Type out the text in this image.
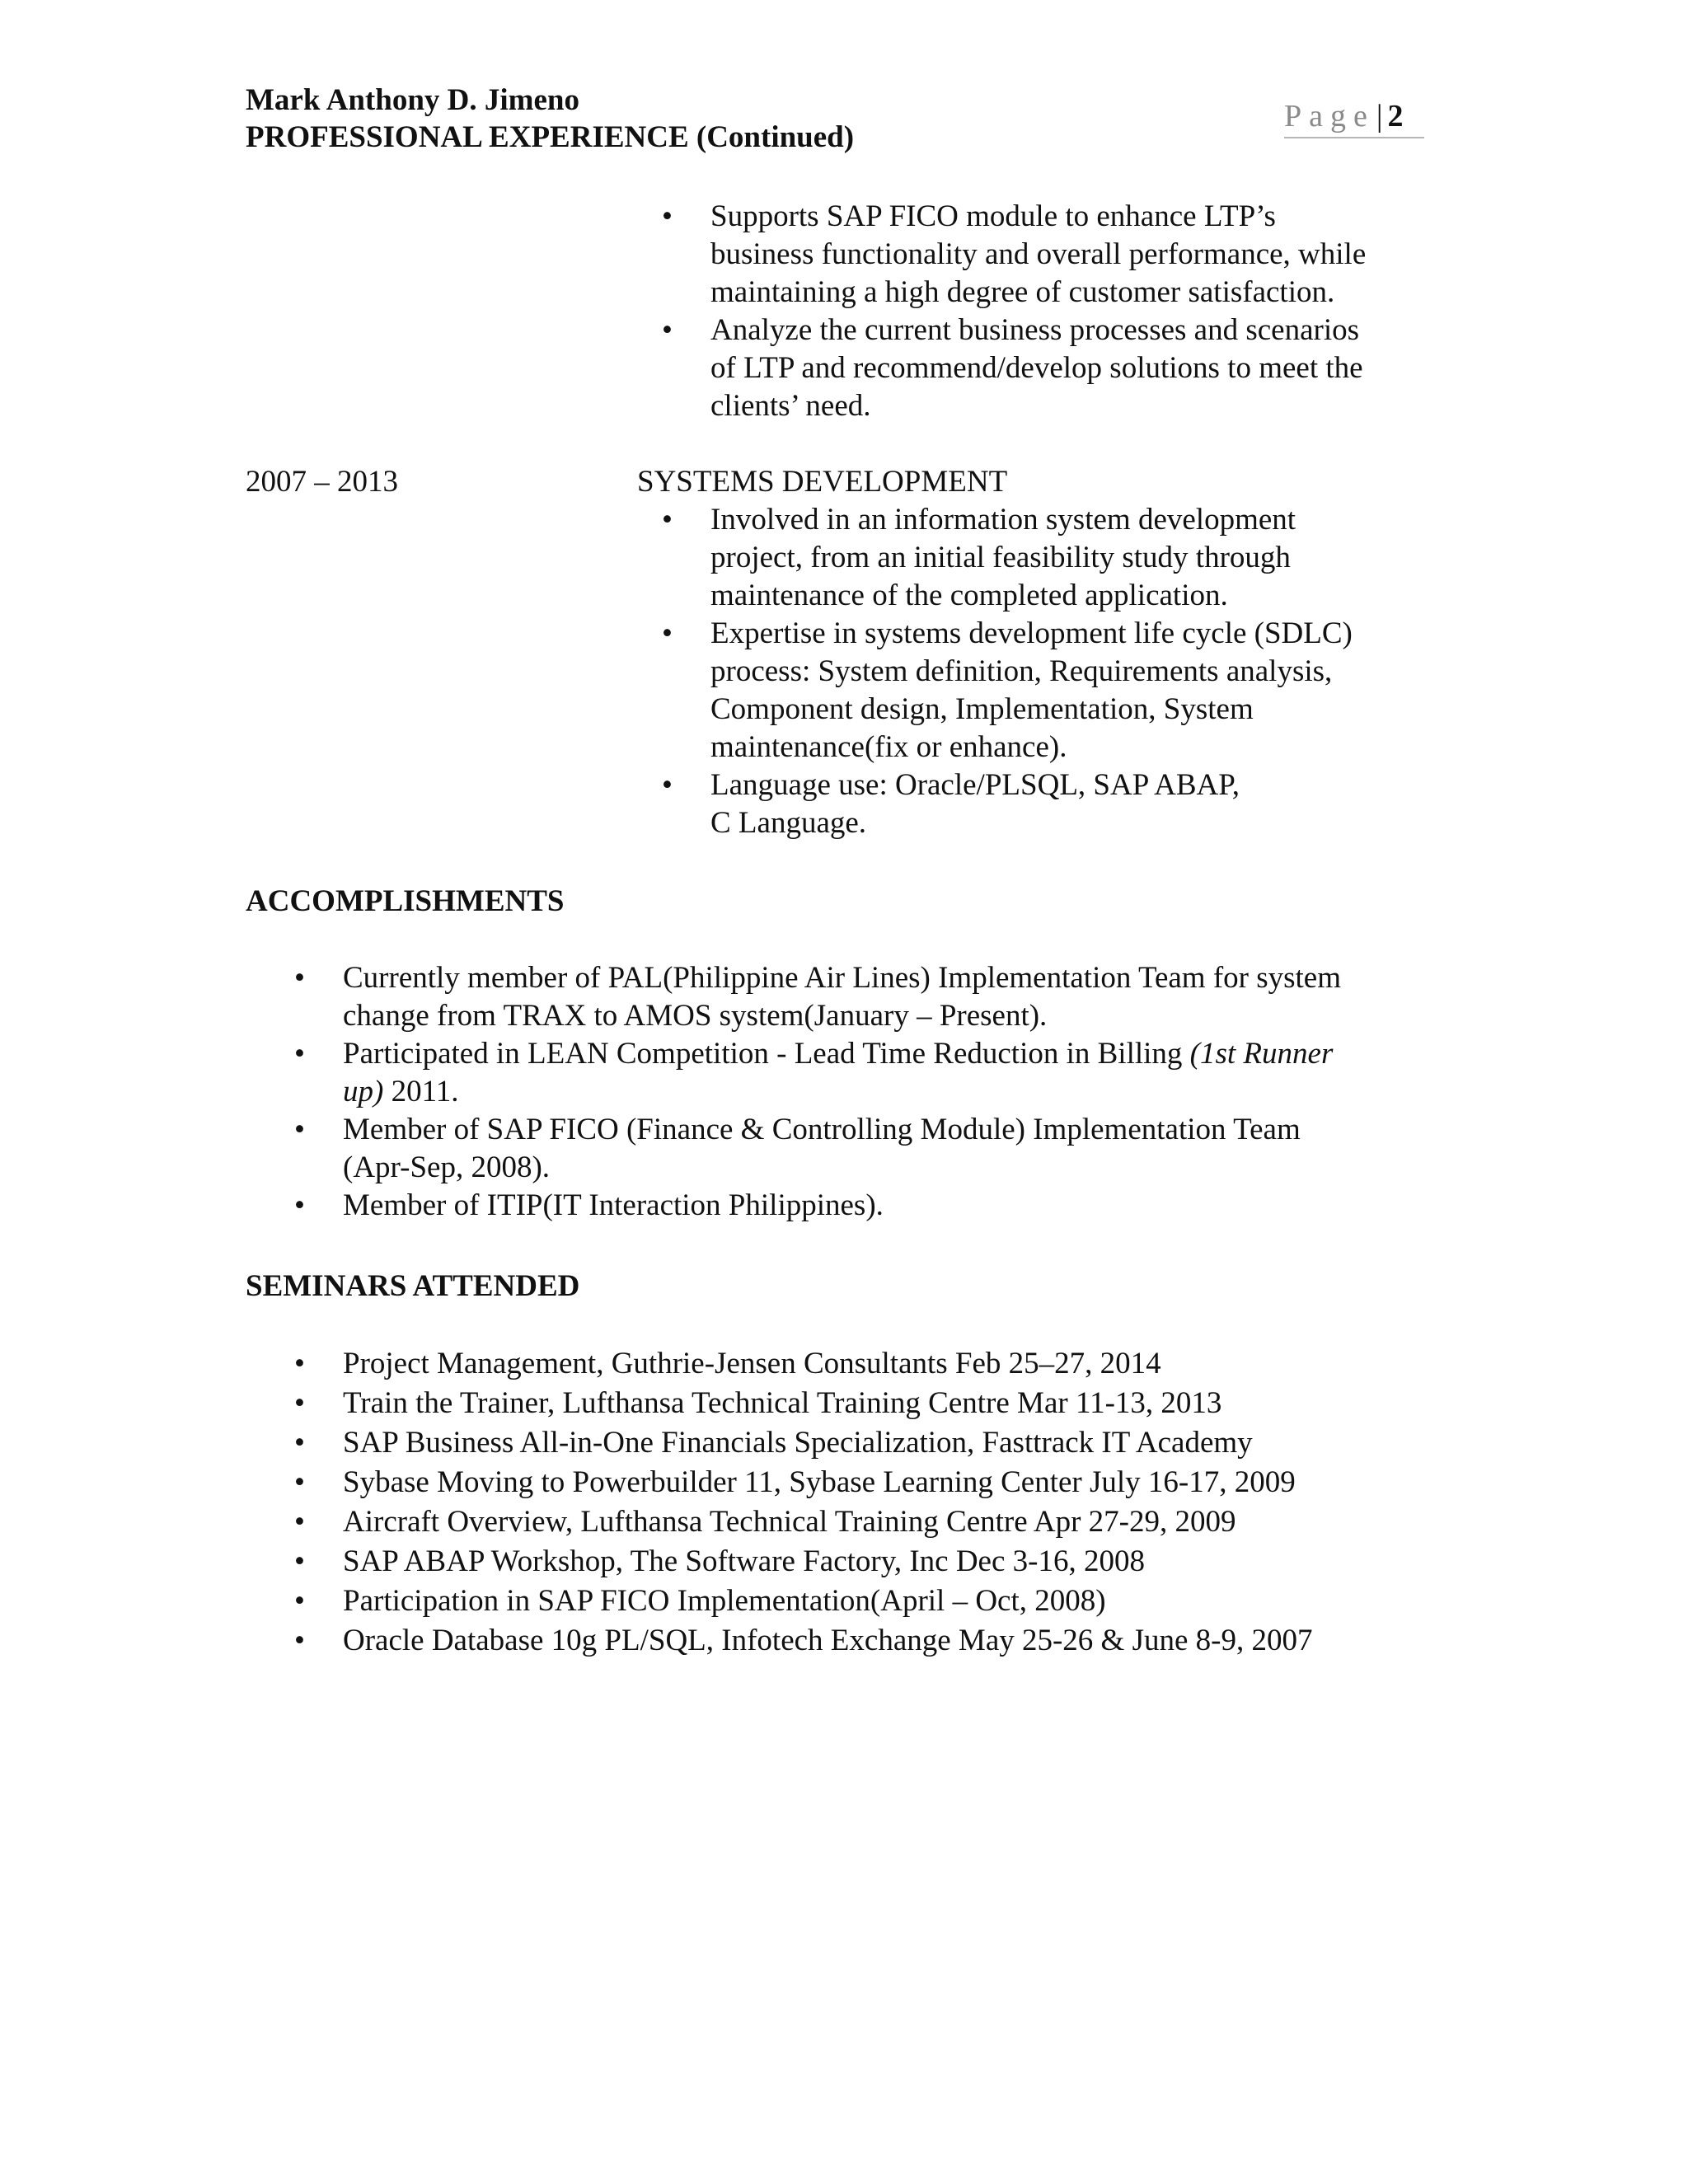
Mark Anthony D. Jimeno
PROFESSIONAL EXPERIENCE (Continued)
Page| 2
• Supports SAP FICO module to enhance LTP’s
business functionality and overall performance, while
maintaining a high degree of customer satisfaction.
• Analyze the current business processes and scenarios
of LTP and recommend/develop solutions to meet the
clients’ need.
2007 – 2013	SYSTEMS DEVELOPMENT
• Involved in an information system development
project, from an initial feasibility study through
maintenance of the completed application.
• Expertise in systems development life cycle (SDLC)
process: System definition, Requirements analysis,
Component design, Implementation, System
maintenance(fix or enhance).
• Language use: Oracle/PLSQL, SAP ABAP,
C Language.
ACCOMPLISHMENTS
• Currently member of PAL(Philippine Air Lines) Implementation Team for system
change from TRAX to AMOS system(January – Present).
• Participated in LEAN Competition - Lead Time Reduction in Billing (1st Runner
up) 2011.
• Member of SAP FICO (Finance & Controlling Module) Implementation Team
(Apr-Sep, 2008).
• Member of ITIP(IT Interaction Philippines).
SEMINARS ATTENDED
• Project Management, Guthrie-Jensen Consultants Feb 25–27, 2014
• Train the Trainer, Lufthansa Technical Training Centre Mar 11-13, 2013
• SAP Business All-in-One Financials Specialization, Fasttrack IT Academy
• Sybase Moving to Powerbuilder 11, Sybase Learning Center July 16-17, 2009
• Aircraft Overview, Lufthansa Technical Training Centre Apr 27-29, 2009
• SAP ABAP Workshop, The Software Factory, Inc Dec 3-16, 2008
• Participation in SAP FICO Implementation(April – Oct, 2008)
• Oracle Database 10g PL/SQL, Infotech Exchange May 25-26 & June 8-9, 2007
